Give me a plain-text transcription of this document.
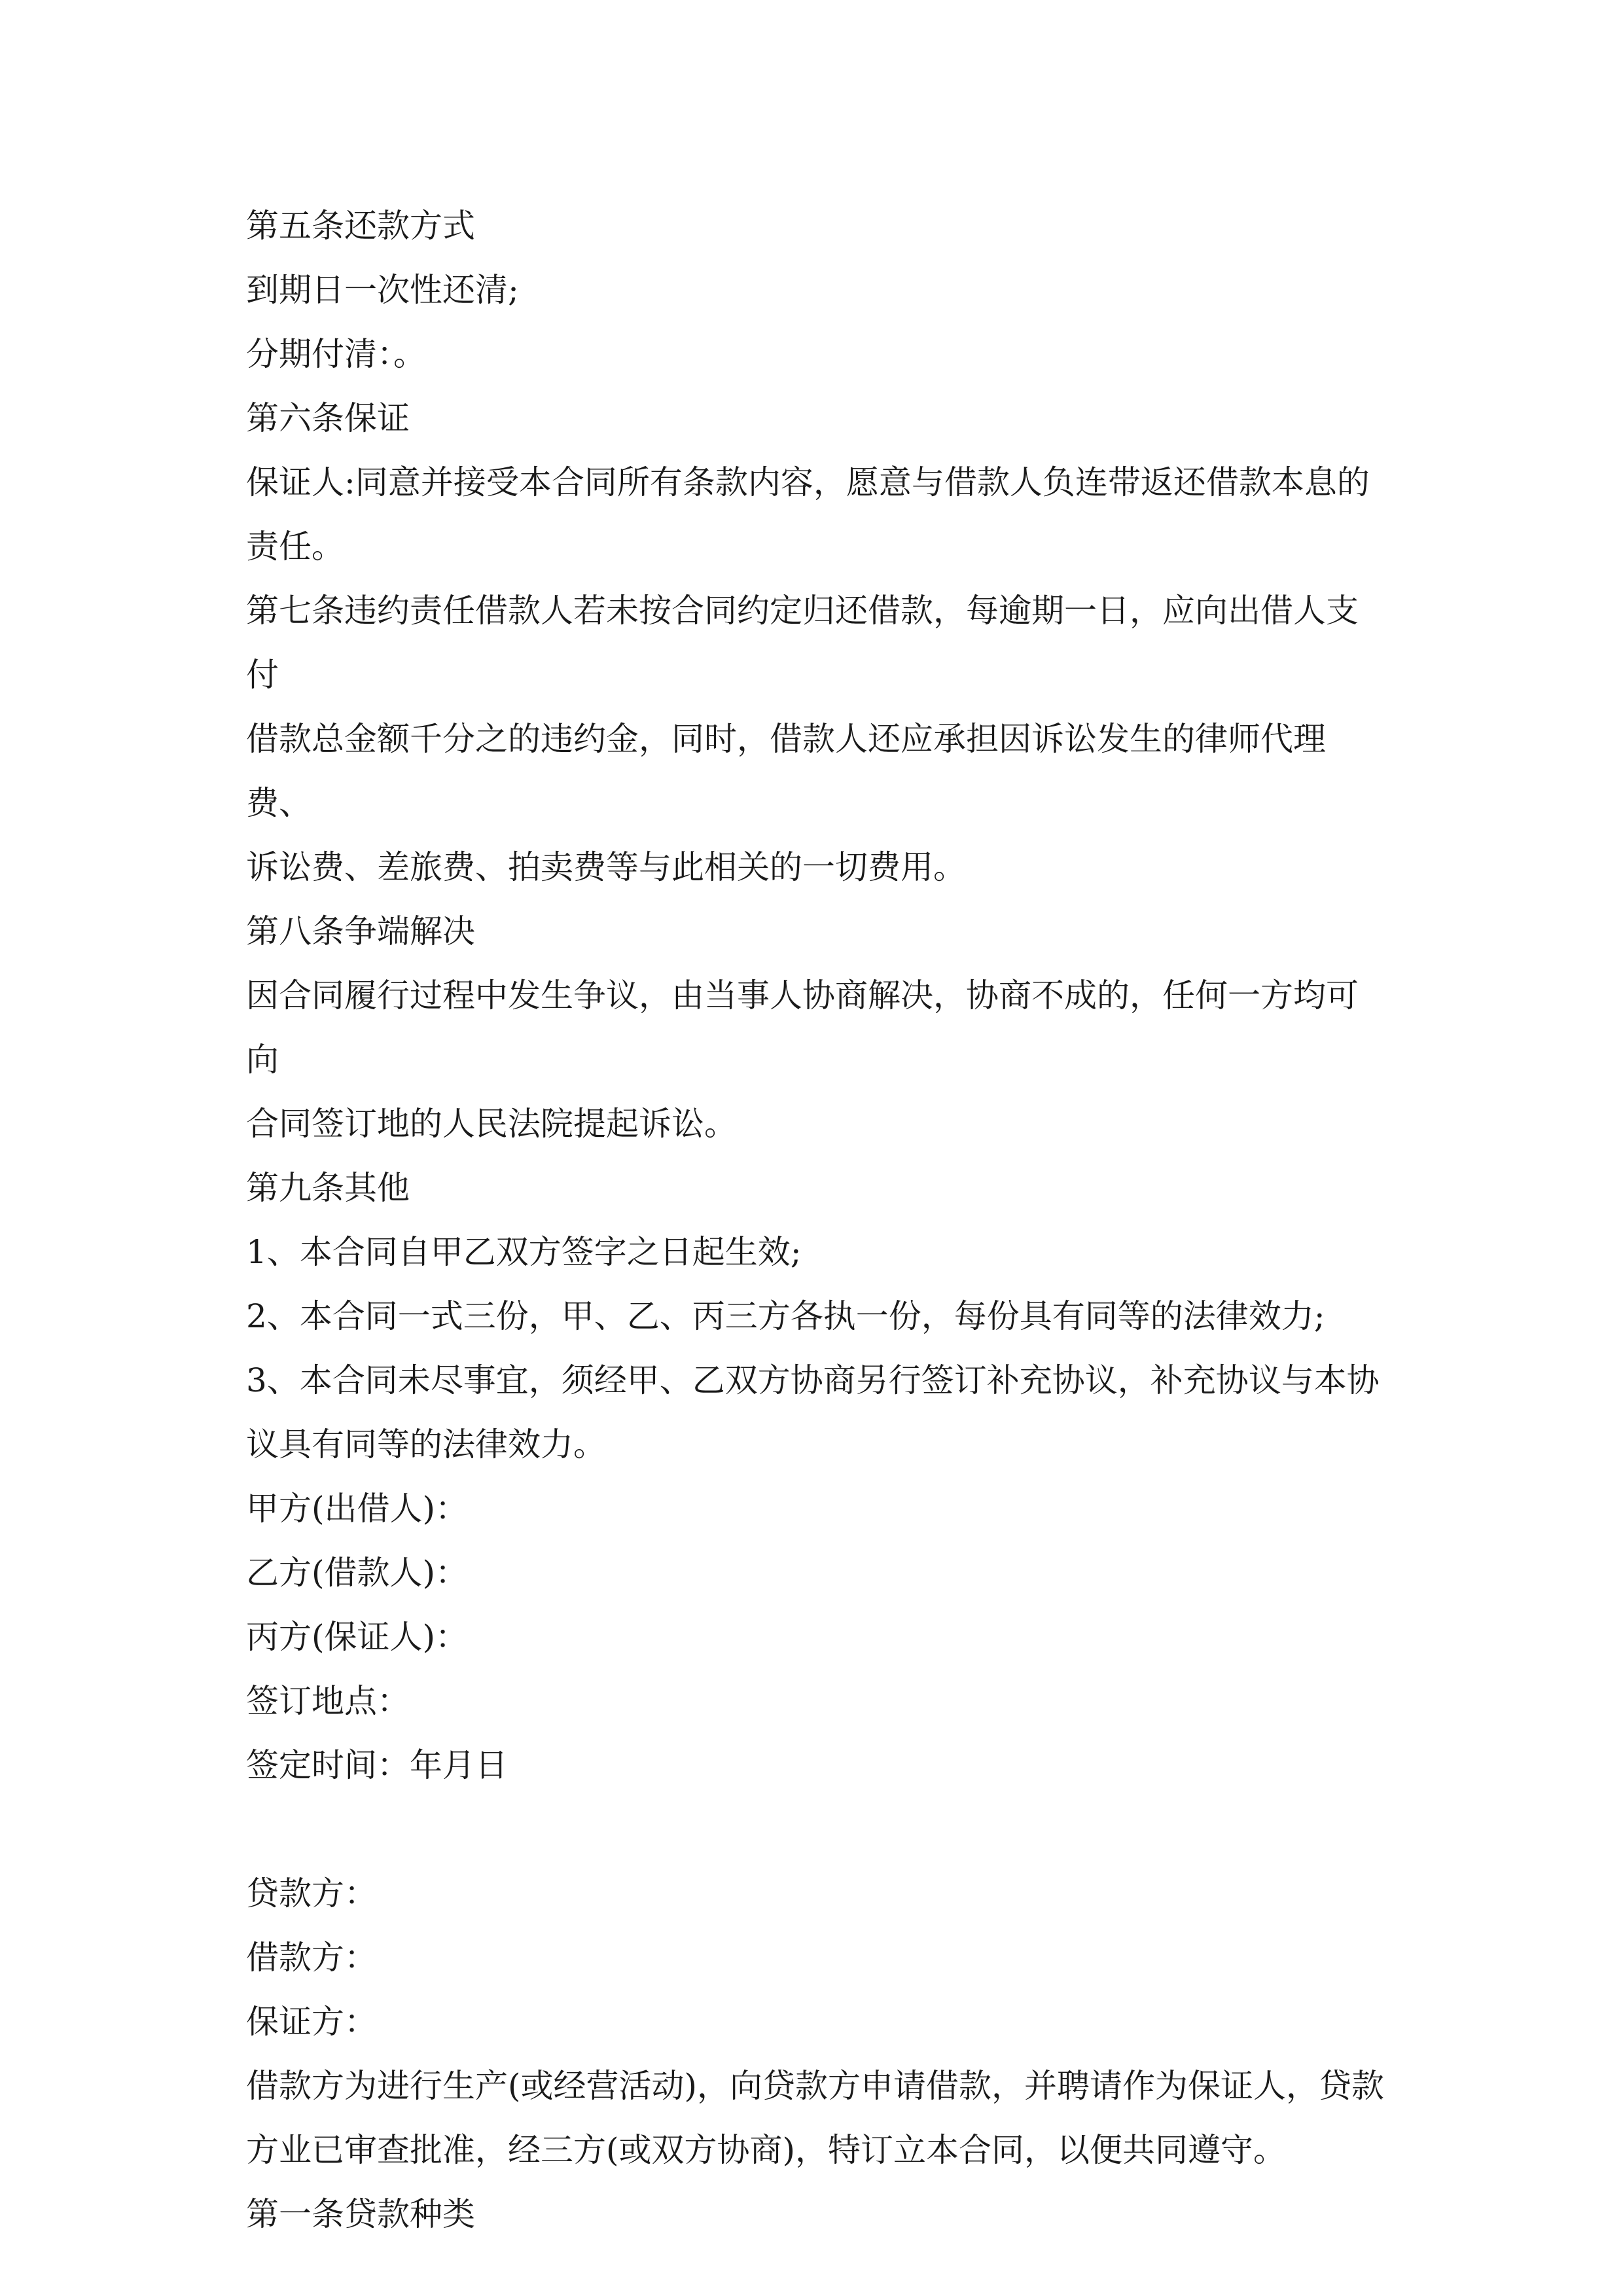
第五条还款方式
到期日一次性还清;
分期付清：。
第六条保证
保证人:同意并接受本合同所有条款内容，愿意与借款人负连带返还借款本息的
责任。
第七条违约责任借款人若未按合同约定归还借款，每逾期一日，应向出借人支付
借款总金额千分之的违约金，同时，借款人还应承担因诉讼发生的律师代理费、
诉讼费、差旅费、拍卖费等与此相关的一切费用。
第八条争端解决
因合同履行过程中发生争议，由当事人协商解决，协商不成的，任何一方均可向
合同签订地的人民法院提起诉讼。
第九条其他
1、本合同自甲乙双方签字之日起生效;
2、本合同一式三份，甲、乙、丙三方各执一份，每份具有同等的法律效力;
3、本合同未尽事宜，须经甲、乙双方协商另行签订补充协议，补充协议与本协
议具有同等的法律效力。
甲方(出借人)：
乙方(借款人)：
丙方(保证人)：
签订地点：
签定时间：年月日
贷款方：
借款方：
保证方：
借款方为进行生产(或经营活动)，向贷款方申请借款，并聘请作为保证人，贷款
方业已审查批准，经三方(或双方协商)，特订立本合同，以便共同遵守。
第一条贷款种类
